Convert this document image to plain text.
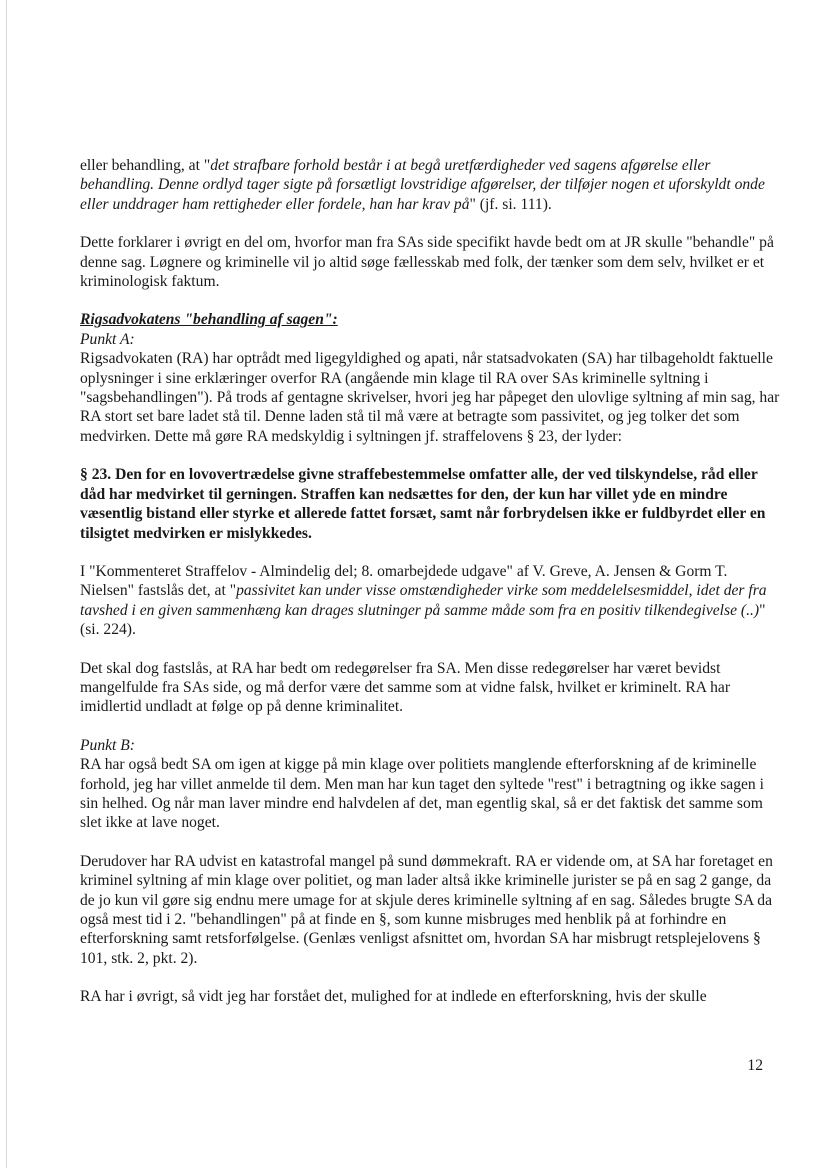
eller behandling, at "det strafbare forhold består i at begå uretfærdigheder ved sagens afgørelse eller behandling. Denne ordlyd tager sigte på forsætligt lovstridige afgørelser, der tilføjer nogen et uforskyldt onde eller unddrager ham rettigheder eller fordele, han har krav på" (jf. si. 111).

Dette forklarer i øvrigt en del om, hvorfor man fra SAs side specifikt havde bedt om at JR skulle "behandle" på denne sag. Løgnere og kriminelle vil jo altid søge fællesskab med folk, der tænker som dem selv, hvilket er et kriminologisk faktum.

Rigsadvokatens "behandling af sagen":

Punkt A:

Rigsadvokaten (RA) har optrådt med ligegyldighed og apati, når statsadvokaten (SA) har tilbageholdt faktuelle oplysninger i sine erklæringer overfor RA (angående min klage til RA over SAs kriminelle syltning i "sagsbehandlingen"). På trods af gentagne skrivelser, hvori jeg har påpeget den ulovlige syltning af min sag, har RA stort set bare ladet stå til. Denne laden stå til må være at betragte som passivitet, og jeg tolker det som medvirken. Dette må gøre RA medskyldig i syltningen jf. straffelovens § 23, der lyder:

§ 23. Den for en lovovertrædelse givne straffebestemmelse omfatter alle, der ved tilskyndelse, råd eller dåd har medvirket til gerningen. Straffen kan nedsættes for den, der kun har villet yde en mindre væsentlig bistand eller styrke et allerede fattet forsæt, samt når forbrydelsen ikke er fuldbyrdet eller en tilsigtet medvirken er mislykkedes.

I "Kommenteret Straffelov - Almindelig del; 8. omarbejdede udgave" af V. Greve, A. Jensen & Gorm T. Nielsen" fastslås det, at "passivitet kan under visse omstændigheder virke som meddelelsesmiddel, idet der fra tavshed i en given sammenhæng kan drages slutninger på samme måde som fra en positiv tilkendegivelse (..)" (si. 224).

Det skal dog fastslås, at RA har bedt om redegørelser fra SA. Men disse redegørelser har været bevidst mangelfulde fra SAs side, og må derfor være det samme som at vidne falsk, hvilket er kriminelt. RA har imidlertid undladt at følge op på denne kriminalitet.

Punkt B:

RA har også bedt SA om igen at kigge på min klage over politiets manglende efterforskning af de kriminelle forhold, jeg har villet anmelde til dem. Men man har kun taget den syltede "rest" i betragtning og ikke sagen i sin helhed. Og når man laver mindre end halvdelen af det, man egentlig skal, så er det faktisk det samme som slet ikke at lave noget.

Derudover har RA udvist en katastrofal mangel på sund dømmekraft. RA er vidende om, at SA har foretaget en kriminel syltning af min klage over politiet, og man lader altså ikke kriminelle jurister se på en sag 2 gange, da de jo kun vil gøre sig endnu mere umage for at skjule deres kriminelle syltning af en sag. Således brugte SA da også mest tid i 2. "behandlingen" på at finde en §, som kunne misbruges med henblik på at forhindre en efterforskning samt retsforfølgelse. (Genlæs venligst afsnittet om, hvordan SA har misbrugt retsplejelovens § 101, stk. 2, pkt. 2).

RA har i øvrigt, så vidt jeg har forstået det, mulighed for at indlede en efterforskning, hvis der skulle

12
